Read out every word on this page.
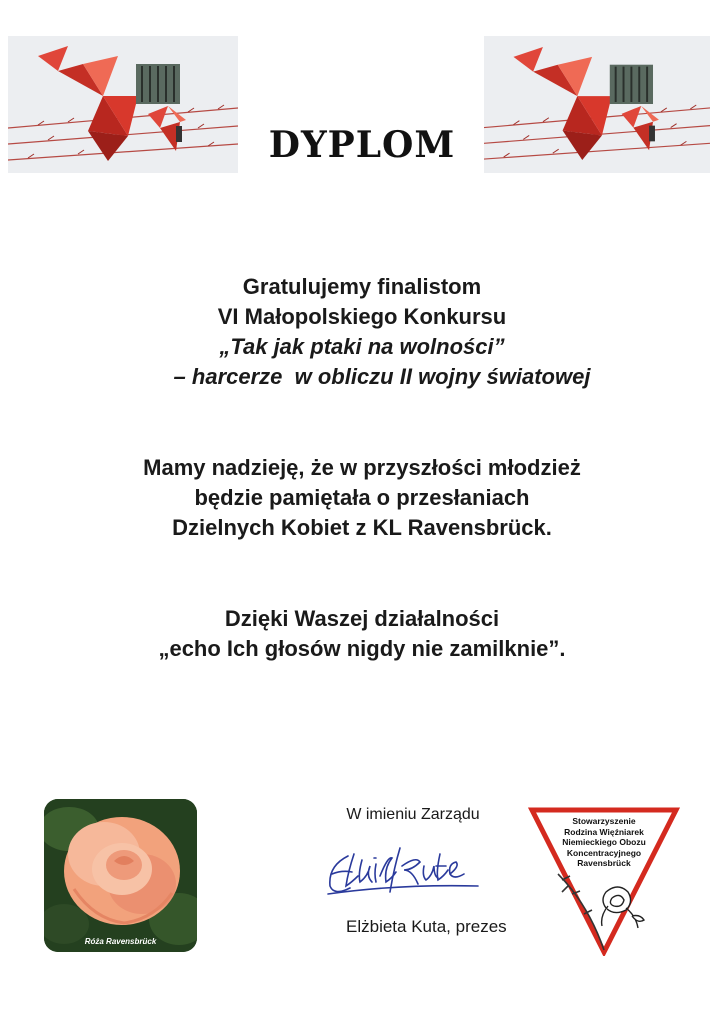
DYPLOM
Gratulujemy finalistom
VI Małopolskiego Konkursu
„Tak jak ptaki na wolności”
– harcerze  w obliczu II wojny światowej
Mamy nadzieję, że w przyszłości młodzież
będzie pamiętała o przesłaniach
Dzielnych Kobiet z KL Ravensbrück.
Dzięki Waszej działalności
„echo Ich głosów nigdy nie zamilknie”.
Róża Ravensbrück
W imieniu Zarządu
Elżbieta Kuta, prezes
Stowarzyszenie
Rodzina Więźniarek
Niemieckiego Obozu
Koncentracyjnego
Ravensbrück
